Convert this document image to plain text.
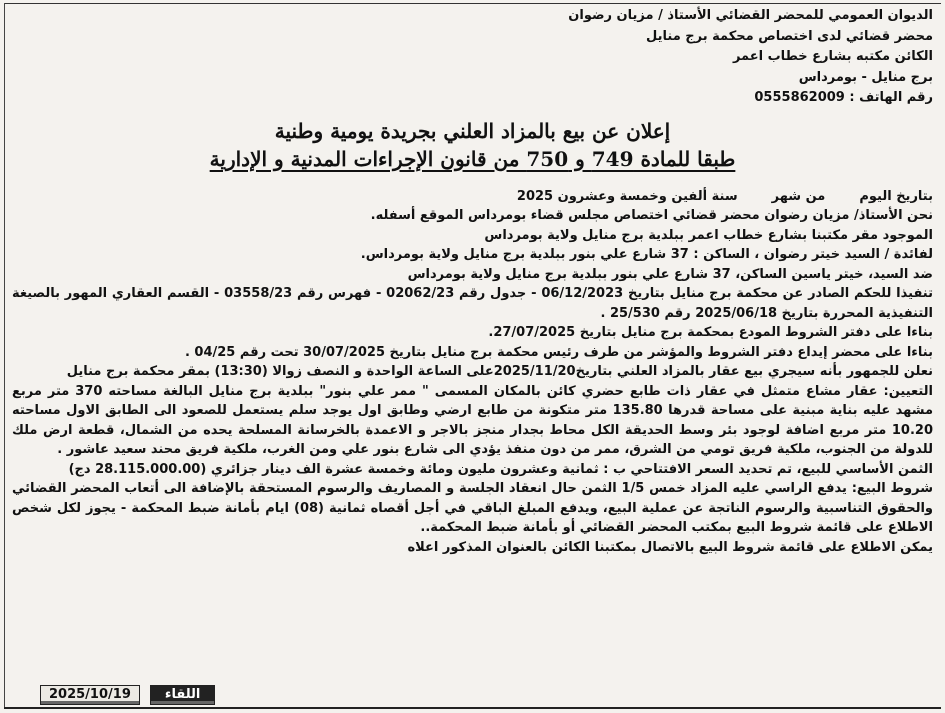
الديوان العمومي للمحضر القضائي الأستاذ / مزيان رضوان
محضر قضائي لدى اختصاص محكمة برج منايل
الكائن مكتبه بشارع خطاب اعمر
برج منايل - بومرداس
رقم الهاتف : 0555862009
إعلان عن بيع بالمزاد العلني بجريدة يومية وطنية
طبقا للمادة 749 و 750 من قانون الإجراءات المدنية و الإدارية

بتاريخ اليوم
من شهر
سنة ألفين وخمسة وعشرون 2025

نحن الأستاذ/ مزيان رضوان محضر قضائي اختصاص مجلس قضاء بومرداس الموقع أسفله.

الموجود مقر مكتبنا بشارع خطاب اعمر ببلدية برج منايل ولاية بومرداس

لفائدة / السيد خيتر رضوان ، الساكن : 37 شارع علي بنور ببلدية برج منايل ولاية بومرداس.

ضد السيد، خيتر ياسين الساكن، 37 شارع علي بنور ببلدية برج منايل ولاية بومرداس

تنفيذا للحكم الصادر عن محكمة برج منايل بتاريخ 06/12/2023 - جدول رقم 02062/23 - فهرس رقم 03558/23 - القسم العقاري المهور بالصيغة التنفيذية المحررة بتاريخ 2025/06/18 رقم 25/530 .

بناءا على دفتر الشروط المودع بمحكمة برج منايل بتاريخ 27/07/2025.

بناءا على محضر إيداع دفتر الشروط والمؤشر من طرف رئيس محكمة برج منايل بتاريخ 30/07/2025 تحت رقم 04/25 .

نعلن للجمهور بأنه سيجري بيع عقار بالمزاد العلني بتاريخ2025/11/20على الساعة الواحدة و النصف زوالا (13:30) بمقر محكمة برج منايل

التعيين: عقار مشاع متمثل في عقار ذات طابع حضري كائن بالمكان المسمى " ممر علي بنور" ببلدية برج منايل البالغة مساحته 370 متر مربع مشهد عليه بناية مبنية على مساحة قدرها 135.80 متر متكونة من طابع ارضي وطابق اول يوجد سلم يستعمل للصعود الى الطابق الاول مساحته 10.20 متر مربع اضافة لوجود بئر وسط الحديقة الكل محاط بجدار منجز بالاجر و الاعمدة بالخرسانة المسلحة يحده من الشمال، قطعة ارض ملك للدولة من الجنوب، ملكية فريق تومي من الشرق، ممر من دون منفذ يؤدي الى شارع بنور علي ومن الغرب، ملكية فريق محند سعيد عاشور .

الثمن الأساسي للبيع، تم تحديد السعر الافتتاحي ب : ثمانية وعشرون مليون ومائة وخمسة عشرة الف دينار جزائري (28.115.000.00 دج)

شروط البيع: يدفع الراسي عليه المزاد خمس 1/5 الثمن حال انعقاد الجلسة و المصاريف والرسوم المستحقة بالإضافة الى أتعاب المحضر القضائي والحقوق التناسبية والرسوم الناتجة عن عملية البيع، ويدفع المبلغ الباقي في أجل أقصاه ثمانية (08) ايام بأمانة ضبط المحكمة - يجوز لكل شخص الاطلاع على قائمة شروط البيع بمكتب المحضر القضائي أو بأمانة ضبط المحكمة..

يمكن الاطلاع على قائمة شروط البيع بالاتصال بمكتبنا الكائن بالعنوان المذكور اعلاه

2025/10/19	اللقاء
